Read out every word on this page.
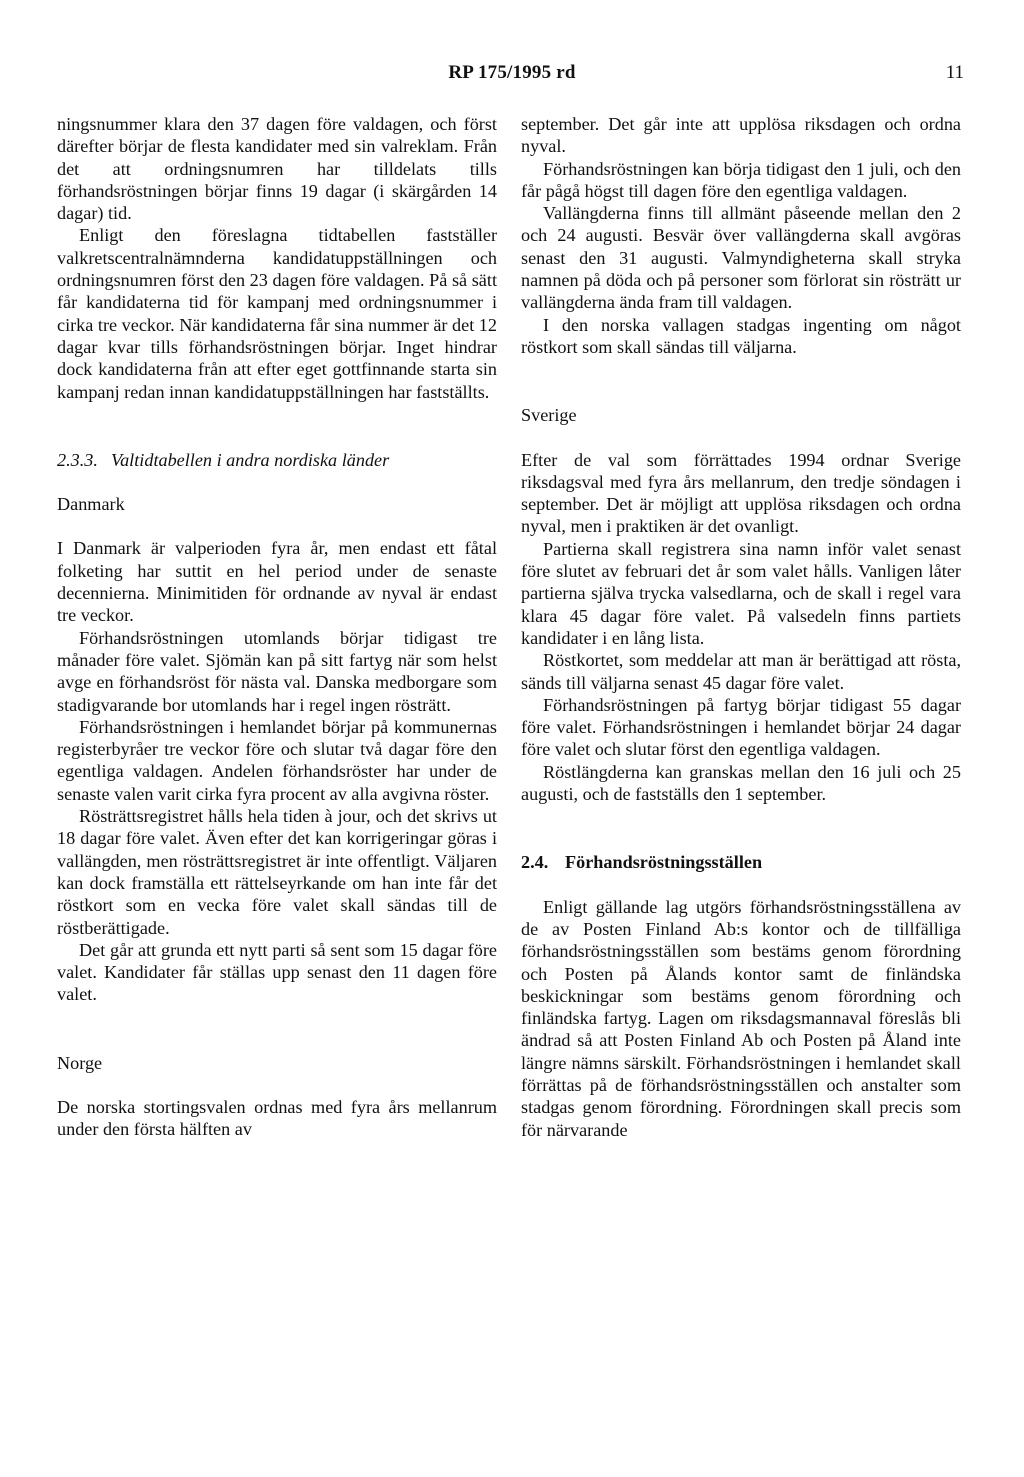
RP 175/1995 rd	11

ningsnummer klara den 37 dagen före valdagen, och först därefter börjar de flesta kandidater med sin valreklam. Från det att ordningsnumren har tilldelats tills förhandsröstningen börjar finns 19 dagar (i skärgården 14 dagar) tid.

Enligt den föreslagna tidtabellen fastställer valkretscentralnämnderna kandidatuppställningen och ordningsnumren först den 23 dagen före valdagen. På så sätt får kandidaterna tid för kampanj med ordningsnummer i cirka tre veckor. När kandidaterna får sina nummer är det 12 dagar kvar tills förhandsröstningen börjar. Inget hindrar dock kandidaterna från att efter eget gottfinnande starta sin kampanj redan innan kandidatuppställningen har fastställts.

2.3.3. Valtidtabellen i andra nordiska länder

Danmark

I Danmark är valperioden fyra år, men endast ett fåtal folketing har suttit en hel period under de senaste decennierna. Minimitiden för ordnande av nyval är endast tre veckor.

Förhandsröstningen utomlands börjar tidigast tre månader före valet. Sjömän kan på sitt fartyg när som helst avge en förhandsröst för nästa val. Danska medborgare som stadigvarande bor utomlands har i regel ingen rösträtt.

Förhandsröstningen i hemlandet börjar på kommunernas registerbyråer tre veckor före och slutar två dagar före den egentliga valdagen. Andelen förhandsröster har under de senaste valen varit cirka fyra procent av alla avgivna röster.

Rösträttsregistret hålls hela tiden à jour, och det skrivs ut 18 dagar före valet. Även efter det kan korrigeringar göras i vallängden, men rösträttsregistret är inte offentligt. Väljaren kan dock framställa ett rättelseyrkande om han inte får det röstkort som en vecka före valet skall sändas till de röstberättigade.

Det går att grunda ett nytt parti så sent som 15 dagar före valet. Kandidater får ställas upp senast den 11 dagen före valet.

Norge

De norska stortingsvalen ordnas med fyra års mellanrum under den första hälften av

september. Det går inte att upplösa riksdagen och ordna nyval.

Förhandsröstningen kan börja tidigast den 1 juli, och den får pågå högst till dagen före den egentliga valdagen.

Vallängderna finns till allmänt påseende mellan den 2 och 24 augusti. Besvär över vallängderna skall avgöras senast den 31 augusti. Valmyndigheterna skall stryka namnen på döda och på personer som förlorat sin rösträtt ur vallängderna ända fram till valdagen.

I den norska vallagen stadgas ingenting om något röstkort som skall sändas till väljarna.

Sverige

Efter de val som förrättades 1994 ordnar Sverige riksdagsval med fyra års mellanrum, den tredje söndagen i september. Det är möjligt att upplösa riksdagen och ordna nyval, men i praktiken är det ovanligt.

Partierna skall registrera sina namn inför valet senast före slutet av februari det år som valet hålls. Vanligen låter partierna själva trycka valsedlarna, och de skall i regel vara klara 45 dagar före valet. På valsedeln finns partiets kandidater i en lång lista.

Röstkortet, som meddelar att man är berättigad att rösta, sänds till väljarna senast 45 dagar före valet.

Förhandsröstningen på fartyg börjar tidigast 55 dagar före valet. Förhandsröstningen i hemlandet börjar 24 dagar före valet och slutar först den egentliga valdagen.

Röstlängderna kan granskas mellan den 16 juli och 25 augusti, och de fastställs den 1 september.

2.4. Förhandsröstningsställen

Enligt gällande lag utgörs förhandsröstningsställena av de av Posten Finland Ab:s kontor och de tillfälliga förhandsröstningsställen som bestäms genom förordning och Posten på Ålands kontor samt de finländska beskickningar som bestäms genom förordning och finländska fartyg. Lagen om riksdagsmannaval föreslås bli ändrad så att Posten Finland Ab och Posten på Åland inte längre nämns särskilt. Förhandsröstningen i hemlandet skall förrättas på de förhandsröstningsställen och anstalter som stadgas genom förordning. Förordningen skall precis som för närvarande
